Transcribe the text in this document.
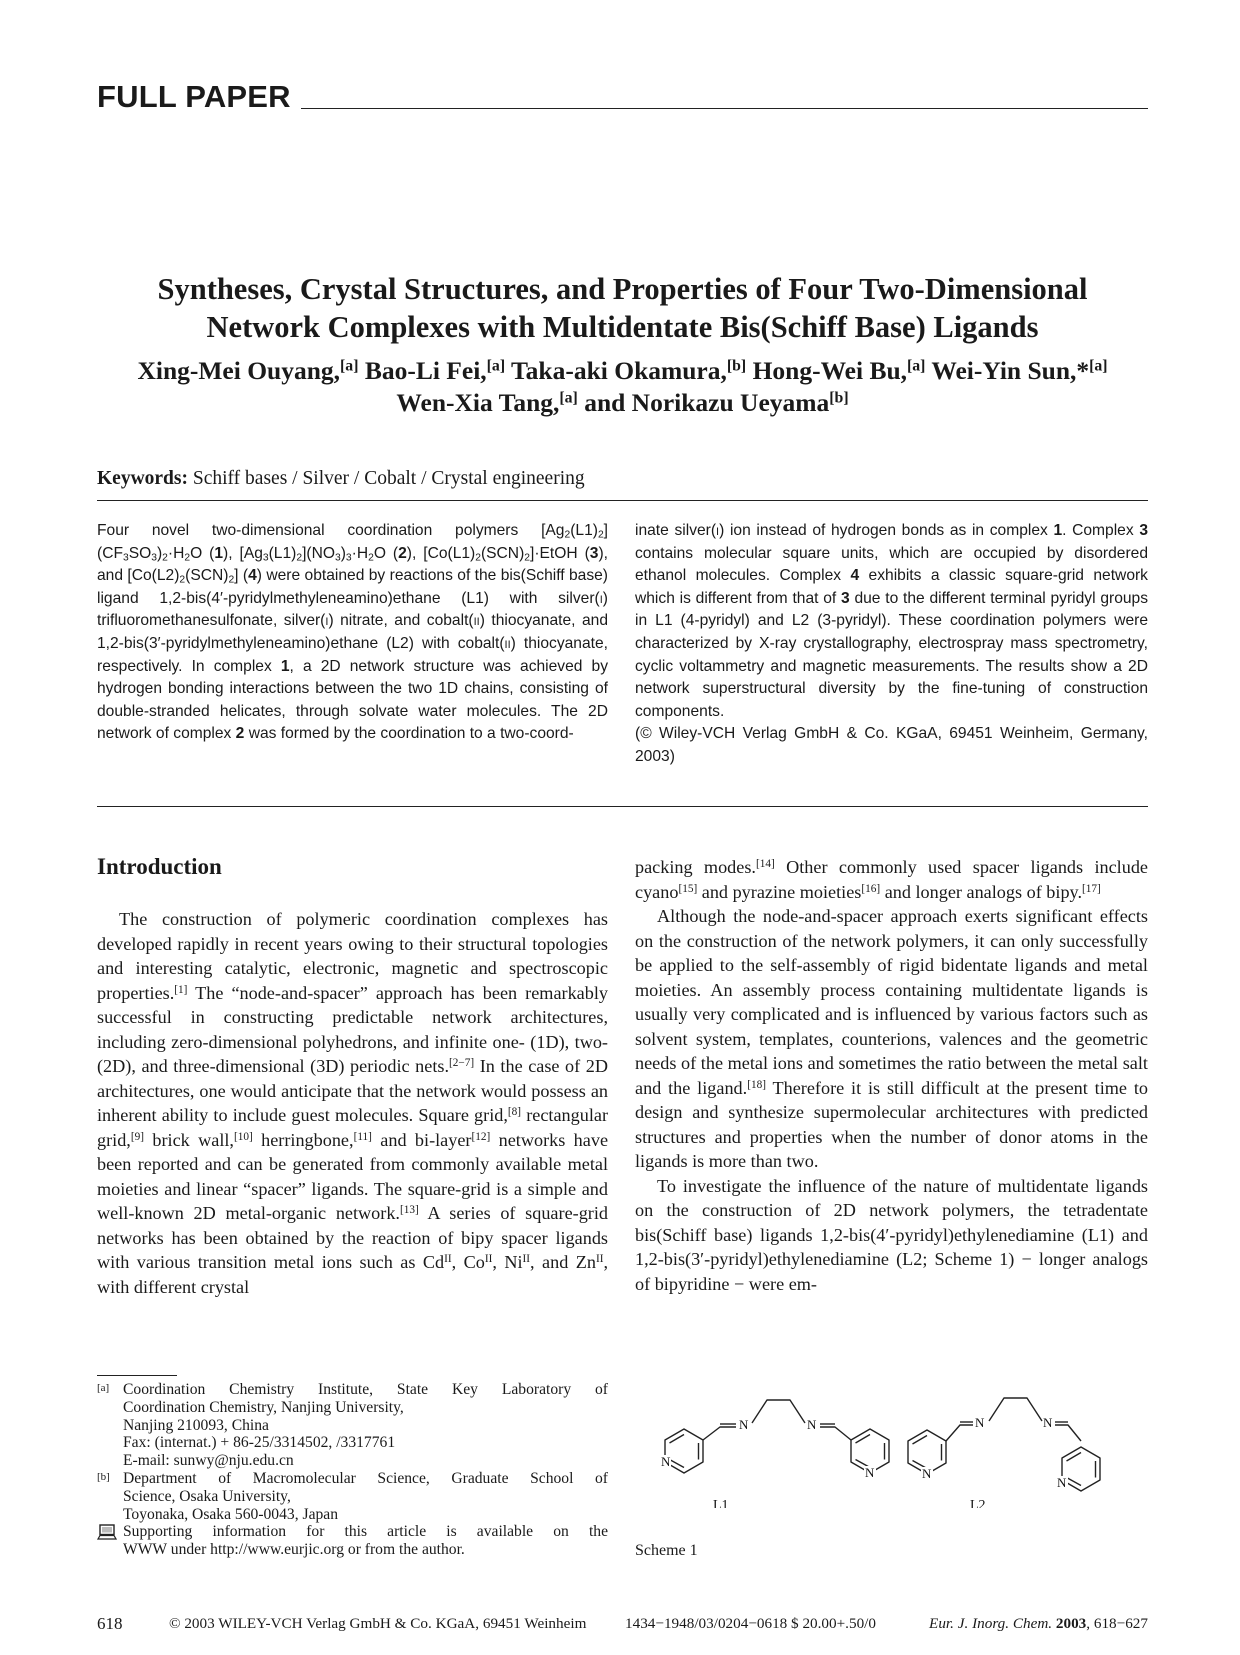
FULL PAPER
Syntheses, Crystal Structures, and Properties of Four Two-Dimensional
Network Complexes with Multidentate Bis(Schiff Base) Ligands
Xing-Mei Ouyang,[a] Bao-Li Fei,[a] Taka-aki Okamura,[b] Hong-Wei Bu,[a] Wei-Yin Sun,*[a]
Wen-Xia Tang,[a] and Norikazu Ueyama[b]
Keywords: Schiff bases / Silver / Cobalt / Crystal engineering

Four novel two-dimensional coordination polymers $[Ag_2(L1)_2](CF_3SO_3)_2\cdot H_2O$ (1), $[Ag_3(L1)_2](NO_3)_3\cdot H_2O$ (2), $[Co(L1)_2(SCN)_2]\cdot EtOH$ (3), and $[Co(L2)_2(SCN)_2]$ (4) were obtained by reactions of the bis(Schiff base) ligand 1,2-bis(4′-pyridylmethyleneamino)ethane (L1) with silver(i) trifluoromethanesulfonate, silver(i) nitrate, and cobalt(ii) thiocyanate, and 1,2-bis(3′-pyridylmethyleneamino)ethane (L2) with cobalt(ii) thiocyanate, respectively. In complex 1, a 2D network structure was achieved by hydrogen bonding interactions between the two 1D chains, consisting of double-stranded helicates, through solvate water molecules. The 2D network of complex 2 was formed by the coordination to a two-coord-

inate silver(i) ion instead of hydrogen bonds as in complex 1. Complex 3 contains molecular square units, which are occupied by disordered ethanol molecules. Complex 4 exhibits a classic square-grid network which is different from that of 3 due to the different terminal pyridyl groups in L1 (4-pyridyl) and L2 (3-pyridyl). These coordination polymers were characterized by X-ray crystallography, electrospray mass spectrometry, cyclic voltammetry and magnetic measurements. The results show a 2D network superstructural diversity by the fine-tuning of construction components.
(© Wiley-VCH Verlag GmbH & Co. KGaA, 69451 Weinheim, Germany, 2003)

Introduction

The construction of polymeric coordination complexes has developed rapidly in recent years owing to their structural topologies and interesting catalytic, electronic, magnetic and spectroscopic properties.[1] The “node-and-spacer” approach has been remarkably successful in constructing predictable network architectures, including zero-dimensional polyhedrons, and infinite one- (1D), two- (2D), and three-dimensional (3D) periodic nets.[2−7] In the case of 2D architectures, one would anticipate that the network would possess an inherent ability to include guest molecules. Square grid,[8] rectangular grid,[9] brick wall,[10] herringbone,[11] and bi-layer[12] networks have been reported and can be generated from commonly available metal moieties and linear “spacer” ligands. The square-grid is a simple and well-known 2D metal-organic network.[13] A series of square-grid networks has been obtained by the reaction of bipy spacer ligands with various transition metal ions such as $Cd^{II}$, $Co^{II}$, $Ni^{II}$, and $Zn^{II}$, with different crystal

packing modes.[14] Other commonly used spacer ligands include cyano[15] and pyrazine moieties[16] and longer analogs of bipy.[17]

Although the node-and-spacer approach exerts significant effects on the construction of the network polymers, it can only successfully be applied to the self-assembly of rigid bidentate ligands and metal moieties. An assembly process containing multidentate ligands is usually very complicated and is influenced by various factors such as solvent system, templates, counterions, valences and the geometric needs of the metal ions and sometimes the ratio between the metal salt and the ligand.[18] Therefore it is still difficult at the present time to design and synthesize supermolecular architectures with predicted structures and properties when the number of donor atoms in the ligands is more than two.

To investigate the influence of the nature of multidentate ligands on the construction of 2D network polymers, the tetradentate bis(Schiff base) ligands 1,2-bis(4′-pyridyl)ethylenediamine (L1) and 1,2-bis(3′-pyridyl)ethylenediamine (L2; Scheme 1) − longer analogs of bipyridine − were em-

[a] Coordination Chemistry Institute, State Key Laboratory of
Coordination Chemistry, Nanjing University,
Nanjing 210093, China
Fax: (internat.) + 86-25/3314502, /3317761
E-mail: sunwy@nju.edu.cn
[b] Department of Macromolecular Science, Graduate School of
Science, Osaka University,
Toyonaka, Osaka 560-0043, Japan
Supporting information for this article is available on the
WWW under http://www.eurjic.org or from the author.
N
N	N
N
L1
N
N	N
N
L2
Scheme 1
618	© 2003 WILEY-VCH Verlag GmbH & Co. KGaA, 69451 Weinheim	1434−1948/03/0204−0618 $ 20.00+.50/0	Eur. J. Inorg. Chem. 2003, 618−627
